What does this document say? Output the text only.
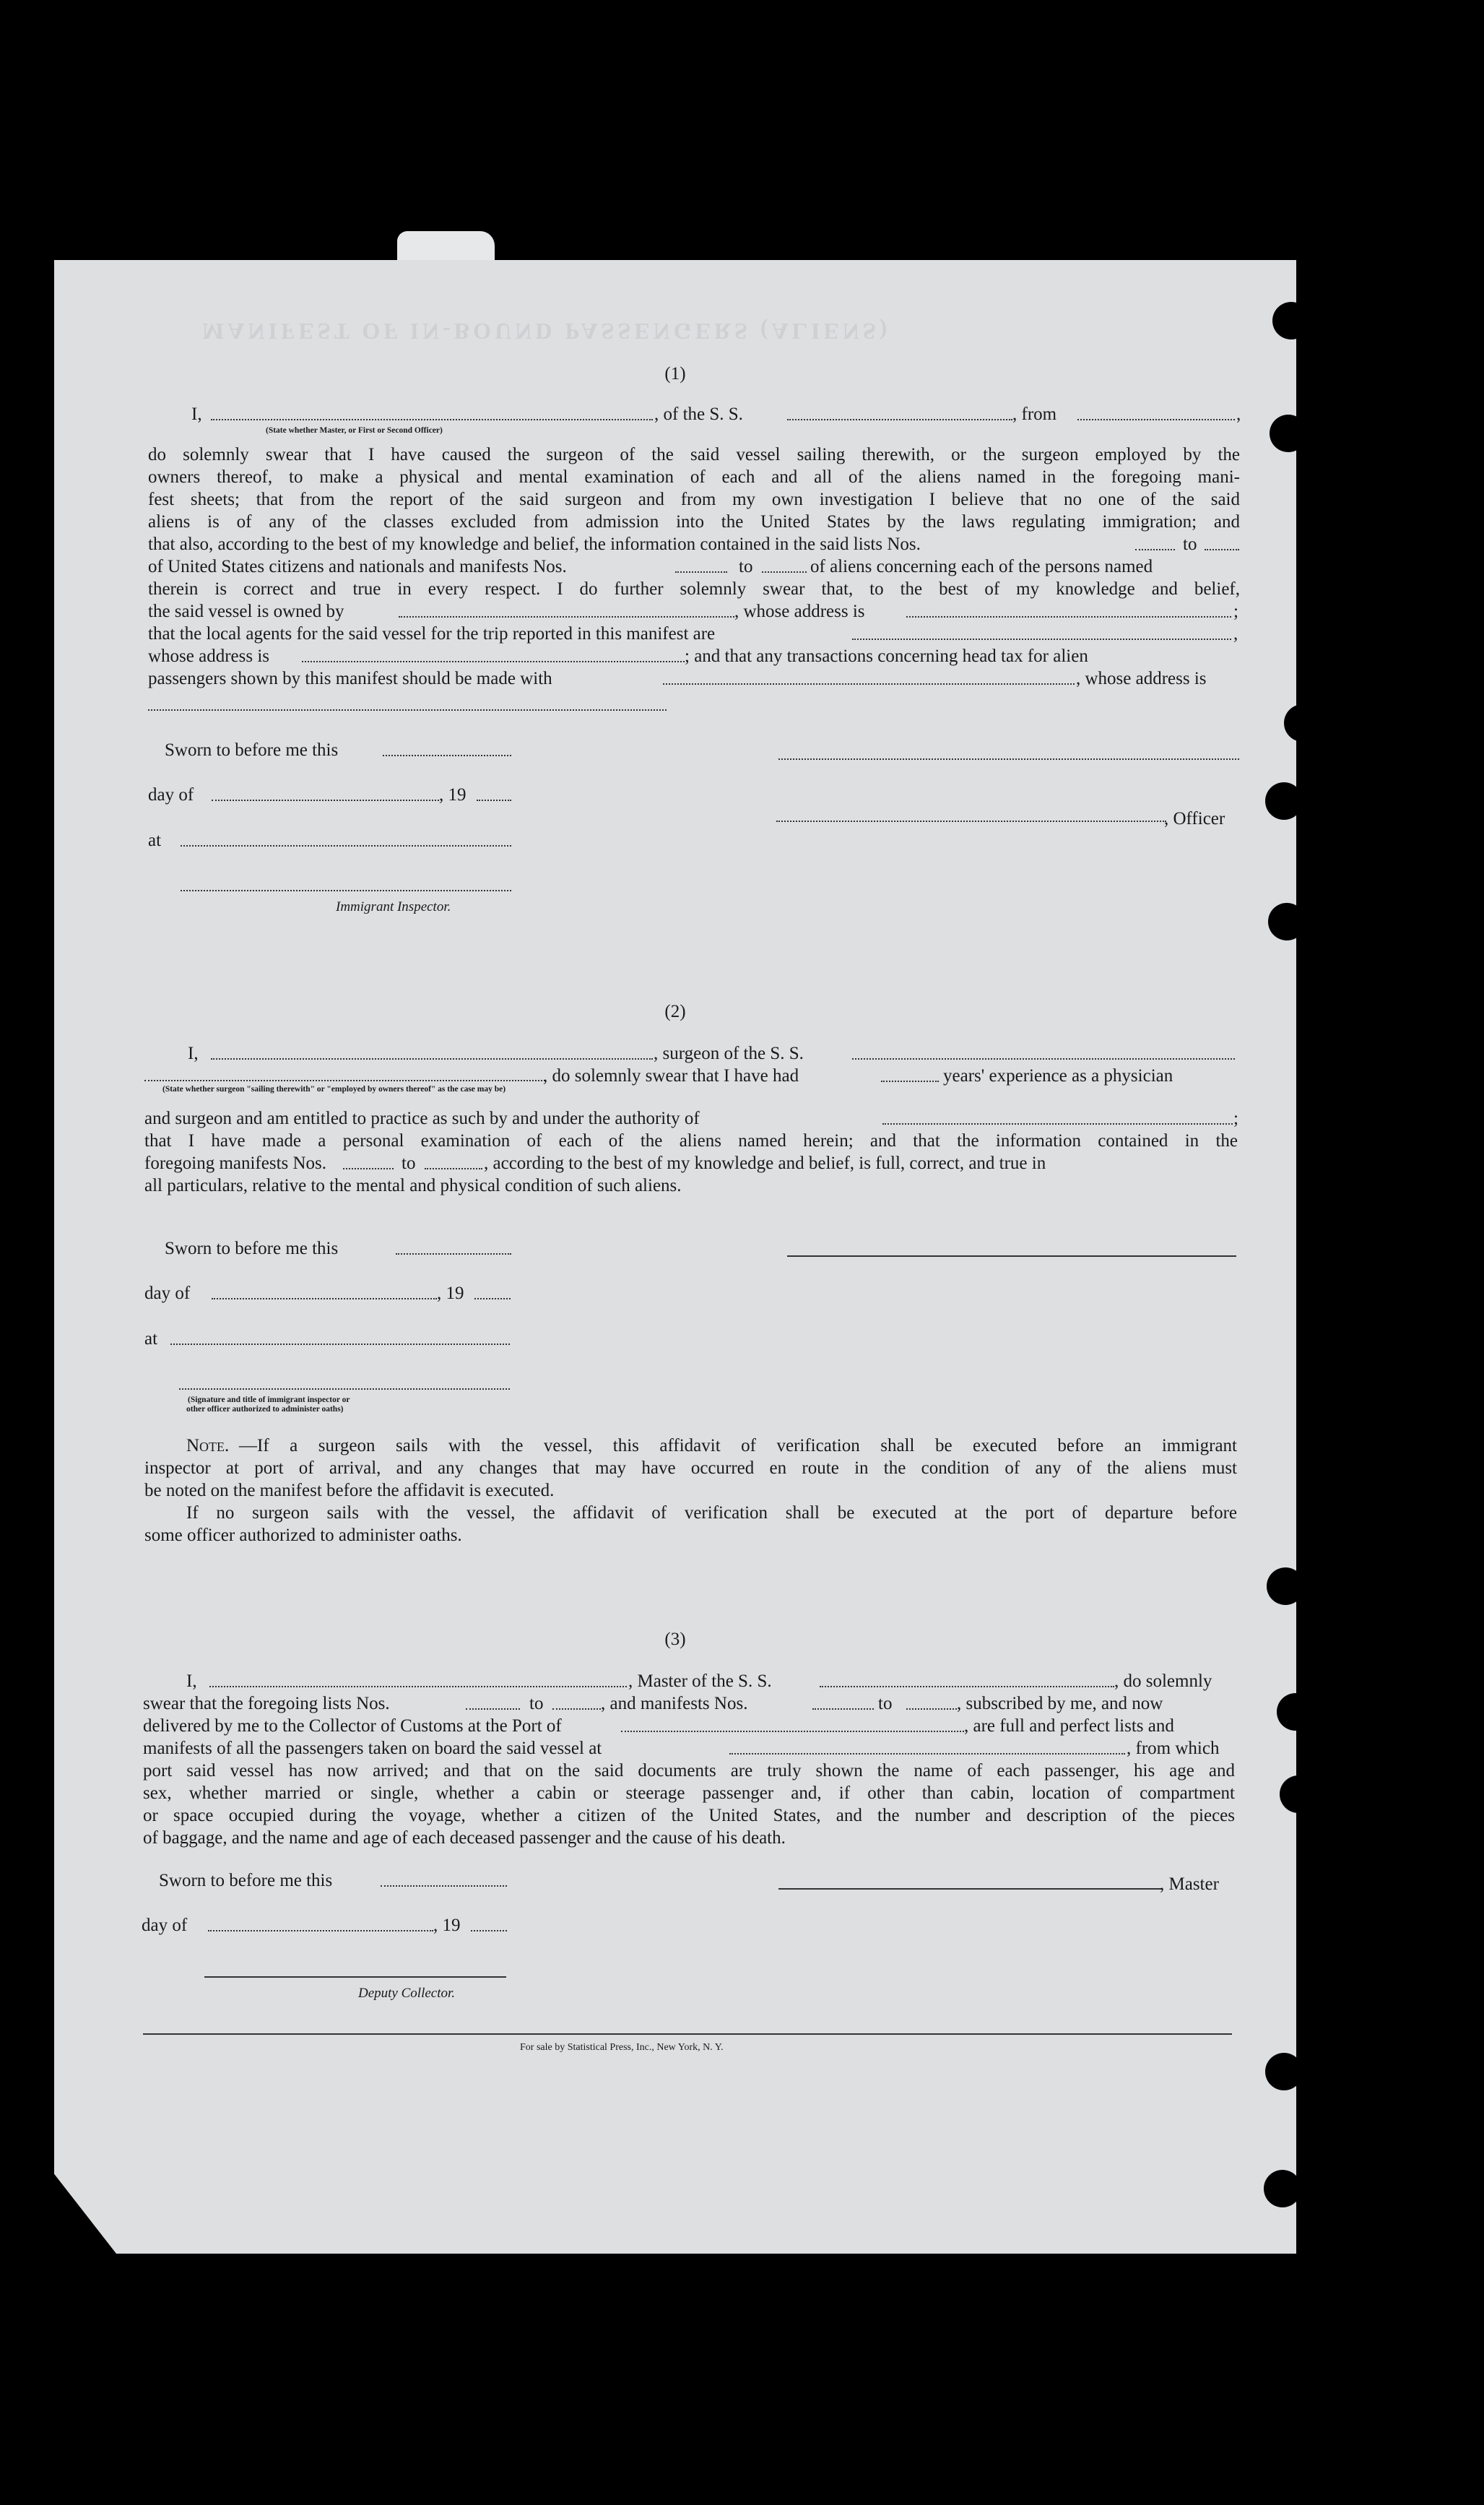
MANIFEST OF IN-BOUND PASSENGERS (ALIENS)
(1)
I,
(State whether Master, or First or Second Officer)
, of the S. S.	, from	,
do solemnly swear that I have caused the surgeon of the said vessel sailing therewith, or the surgeon employed by the
owners thereof, to make a physical and mental examination of each and all of the aliens named in the foregoing mani-
fest sheets; that from the report of the said surgeon and from my own investigation I believe that no one of the said
aliens is of any of the classes excluded from admission into the United States by the laws regulating immigration; and
that also, according to the best of my knowledge and belief, the information contained in the said lists Nos.	to
of United States citizens and nationals and manifests Nos.	to	of aliens concerning each of the persons named
therein is correct and true in every respect. I do further solemnly swear that, to the best of my knowledge and belief,
the said vessel is owned by	, whose address is	;
that the local agents for the said vessel for the trip reported in this manifest are	,
whose address is	; and that any transactions concerning head tax for alien
passengers shown by this manifest should be made with	, whose address is
Sworn to before me this
day of	, 19
, Officer
at
Immigrant Inspector.
(2)
I,	, surgeon of the S. S.
, do solemnly swear that I have had	years' experience as a physician
(State whether surgeon "sailing therewith" or "employed by owners thereof" as the case may be)
and surgeon and am entitled to practice as such by and under the authority of	;
that I have made a personal examination of each of the aliens named herein; and that the information contained in the
foregoing manifests Nos.	to	, according to the best of my knowledge and belief, is full, correct, and true in
all particulars, relative to the mental and physical condition of such aliens.
Sworn to before me this
day of	, 19
at
(Signature and title of immigrant inspector or
other officer authorized to administer oaths)
Note. —If a surgeon sails with the vessel, this affidavit of verification shall be executed before an immigrant
inspector at port of arrival, and any changes that may have occurred en route in the condition of any of the aliens must
be noted on the manifest before the affidavit is executed.
If no surgeon sails with the vessel, the affidavit of verification shall be executed at the port of departure before
some officer authorized to administer oaths.
(3)
I,	, Master of the S. S.	, do solemnly
swear that the foregoing lists Nos.	to	, and manifests Nos.	to	, subscribed by me, and now
delivered by me to the Collector of Customs at the Port of	, are full and perfect lists and
manifests of all the passengers taken on board the said vessel at	, from which
port said vessel has now arrived; and that on the said documents are truly shown the name of each passenger, his age and
sex, whether married or single, whether a cabin or steerage passenger and, if other than cabin, location of compartment
or space occupied during the voyage, whether a citizen of the United States, and the number and description of the pieces
of baggage, and the name and age of each deceased passenger and the cause of his death.
Sworn to before me this	, Master
day of	, 19
Deputy Collector.
For sale by Statistical Press, Inc., New York, N. Y.
